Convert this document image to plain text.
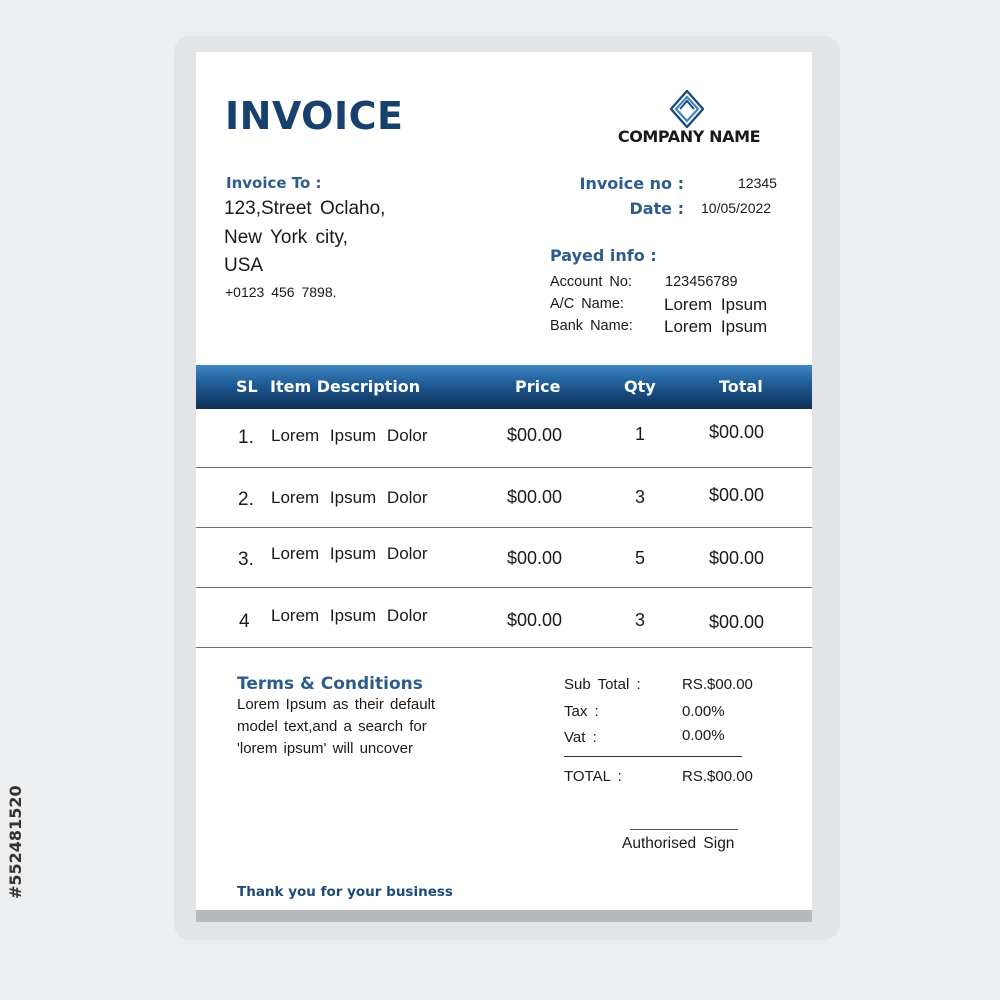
INVOICE	COMPANY NAME
Invoice To :
123,Street Oclaho,
New York city,
USA
+0123 456 7898.
Invoice no :	12345
Date : 10/05/2022
Payed info :
Account No: 123456789
A/C Name: Lorem Ipsum
Bank Name: Lorem Ipsum
SL Item Description	Price	Qty	Total
1. Lorem Ipsum Dolor	$00.00	1	$00.00
2. Lorem Ipsum Dolor	$00.00	3	$00.00
3. Lorem Ipsum Dolor	$00.00	5	$00.00
4 Lorem Ipsum Dolor	$00.00	3	$00.00
Terms & Conditions
Lorem Ipsum as their default
model text,and a search for
'lorem ipsum' will uncover
Sub Total :	RS.$00.00
Tax :	0.00%
Vat :	0.00%
TOTAL :	RS.$00.00
Authorised Sign
Thank you for your business
#552481520
